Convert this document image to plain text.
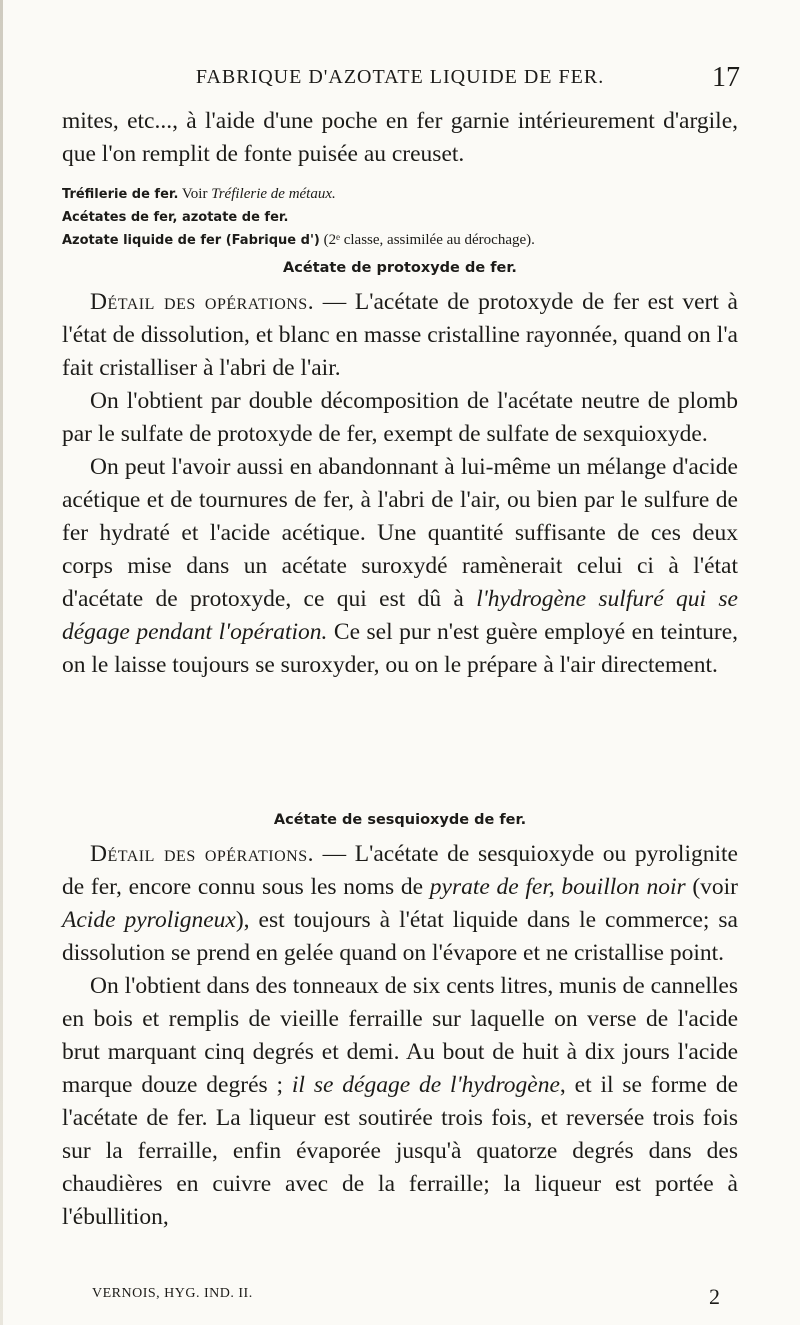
FABRIQUE D'AZOTATE LIQUIDE DE FER.	17

mites, etc..., à l'aide d'une poche en fer garnie intérieurement d'argile, que l'on remplit de fonte puisée au creuset.

Tréfilerie de fer. Voir Tréfilerie de métaux.
Acétates de fer, azotate de fer.
Azotate liquide de fer (Fabrique d') (2ᵉ classe, assimilée au dérochage).
Acétate de protoxyde de fer.

Détail des opérations. — L'acétate de protoxyde de fer est vert à l'état de dissolution, et blanc en masse cristalline rayonnée, quand on l'a fait cristalliser à l'abri de l'air.

On l'obtient par double décomposition de l'acétate neutre de plomb par le sulfate de protoxyde de fer, exempt de sulfate de sexquioxyde.

On peut l'avoir aussi en abandonnant à lui-même un mélange d'acide acétique et de tournures de fer, à l'abri de l'air, ou bien par le sulfure de fer hydraté et l'acide acétique. Une quantité suffisante de ces deux corps mise dans un acétate suroxydé ramènerait celui ci à l'état d'acétate de protoxyde, ce qui est dû à l'hydrogène sulfuré qui se dégage pendant l'opération. Ce sel pur n'est guère employé en teinture, on le laisse toujours se suroxyder, ou on le prépare à l'air directement.

Acétate de sesquioxyde de fer.

Détail des opérations. — L'acétate de sesquioxyde ou pyrolignite de fer, encore connu sous les noms de pyrate de fer, bouillon noir (voir Acide pyroligneux), est toujours à l'état liquide dans le commerce; sa dissolution se prend en gelée quand on l'évapore et ne cristallise point.

On l'obtient dans des tonneaux de six cents litres, munis de cannelles en bois et remplis de vieille ferraille sur laquelle on verse de l'acide brut marquant cinq degrés et demi. Au bout de huit à dix jours l'acide marque douze degrés ; il se dégage de l'hydrogène, et il se forme de l'acétate de fer. La liqueur est soutirée trois fois, et reversée trois fois sur la ferraille, enfin évaporée jusqu'à quatorze degrés dans des chaudières en cuivre avec de la ferraille; la liqueur est portée à l'ébullition,

VERNOIS, HYG. IND. II.	2
